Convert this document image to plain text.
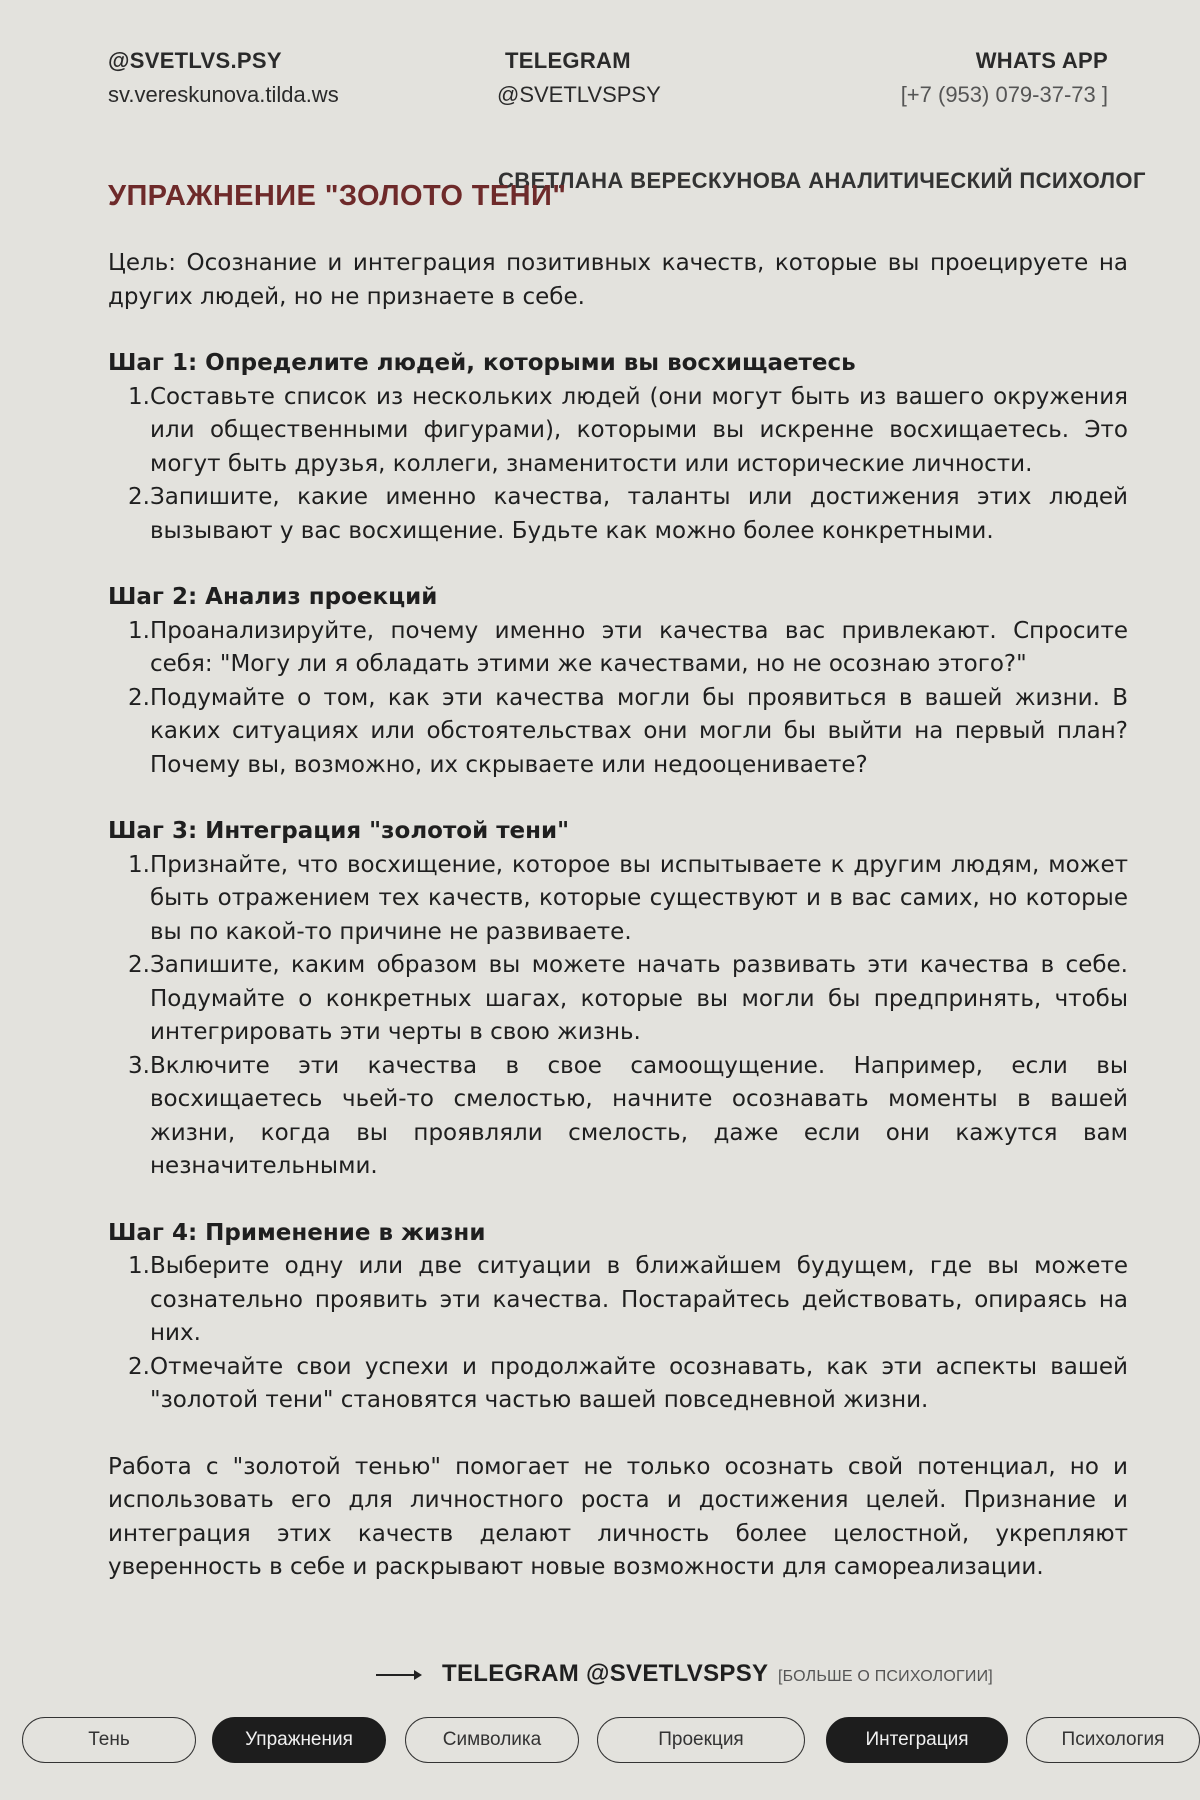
@SVETLVS.PSY
sv.vereskunova.tilda.ws
TELEGRAM
@SVETLVSPSY
WHATS APP
[+7 (953) 079-37-73 ]
СВЕТЛАНА ВЕРЕСКУНОВА АНАЛИТИЧЕСКИЙ ПСИХОЛОГ
УПРАЖНЕНИЕ "ЗОЛОТО ТЕНИ"

Цель: Осознание и интеграция позитивных качеств, которые вы проецируете на других людей, но не признаете в себе.

Шаг 1: Определите людей, которыми вы восхищаетесь

1. Составьте список из нескольких людей (они могут быть из вашего окружения или общественными фигурами), которыми вы искренне восхищаетесь. Это могут быть друзья, коллеги, знаменитости или исторические личности.
2. Запишите, какие именно качества, таланты или достижения этих людей вызывают у вас восхищение. Будьте как можно более конкретными.

Шаг 2: Анализ проекций

1. Проанализируйте, почему именно эти качества вас привлекают. Спросите себя: "Могу ли я обладать этими же качествами, но не осознаю этого?"
2. Подумайте о том, как эти качества могли бы проявиться в вашей жизни. В каких ситуациях или обстоятельствах они могли бы выйти на первый план? Почему вы, возможно, их скрываете или недооцениваете?

Шаг 3: Интеграция "золотой тени"

1. Признайте, что восхищение, которое вы испытываете к другим людям, может быть отражением тех качеств, которые существуют и в вас самих, но которые вы по какой-то причине не развиваете.
2. Запишите, каким образом вы можете начать развивать эти качества в себе. Подумайте о конкретных шагах, которые вы могли бы предпринять, чтобы интегрировать эти черты в свою жизнь.
3. Включите эти качества в свое самоощущение. Например, если вы восхищаетесь чьей-то смелостью, начните осознавать моменты в вашей жизни, когда вы проявляли смелость, даже если они кажутся вам незначительными.

Шаг 4: Применение в жизни

1. Выберите одну или две ситуации в ближайшем будущем, где вы можете сознательно проявить эти качества. Постарайтесь действовать, опираясь на них.
2. Отмечайте свои успехи и продолжайте осознавать, как эти аспекты вашей "золотой тени" становятся частью вашей повседневной жизни.

Работа с "золотой тенью" помогает не только осознать свой потенциал, но и использовать его для личностного роста и достижения целей. Признание и интеграция этих качеств делают личность более целостной, укрепляют уверенность в себе и раскрывают новые возможности для самореализации.

TELEGRAM @SVETLVSPSY [БОЛЬШЕ О ПСИХОЛОГИИ]
Тень	Упражнения	Символика	Проекция	Интеграция	Психология
